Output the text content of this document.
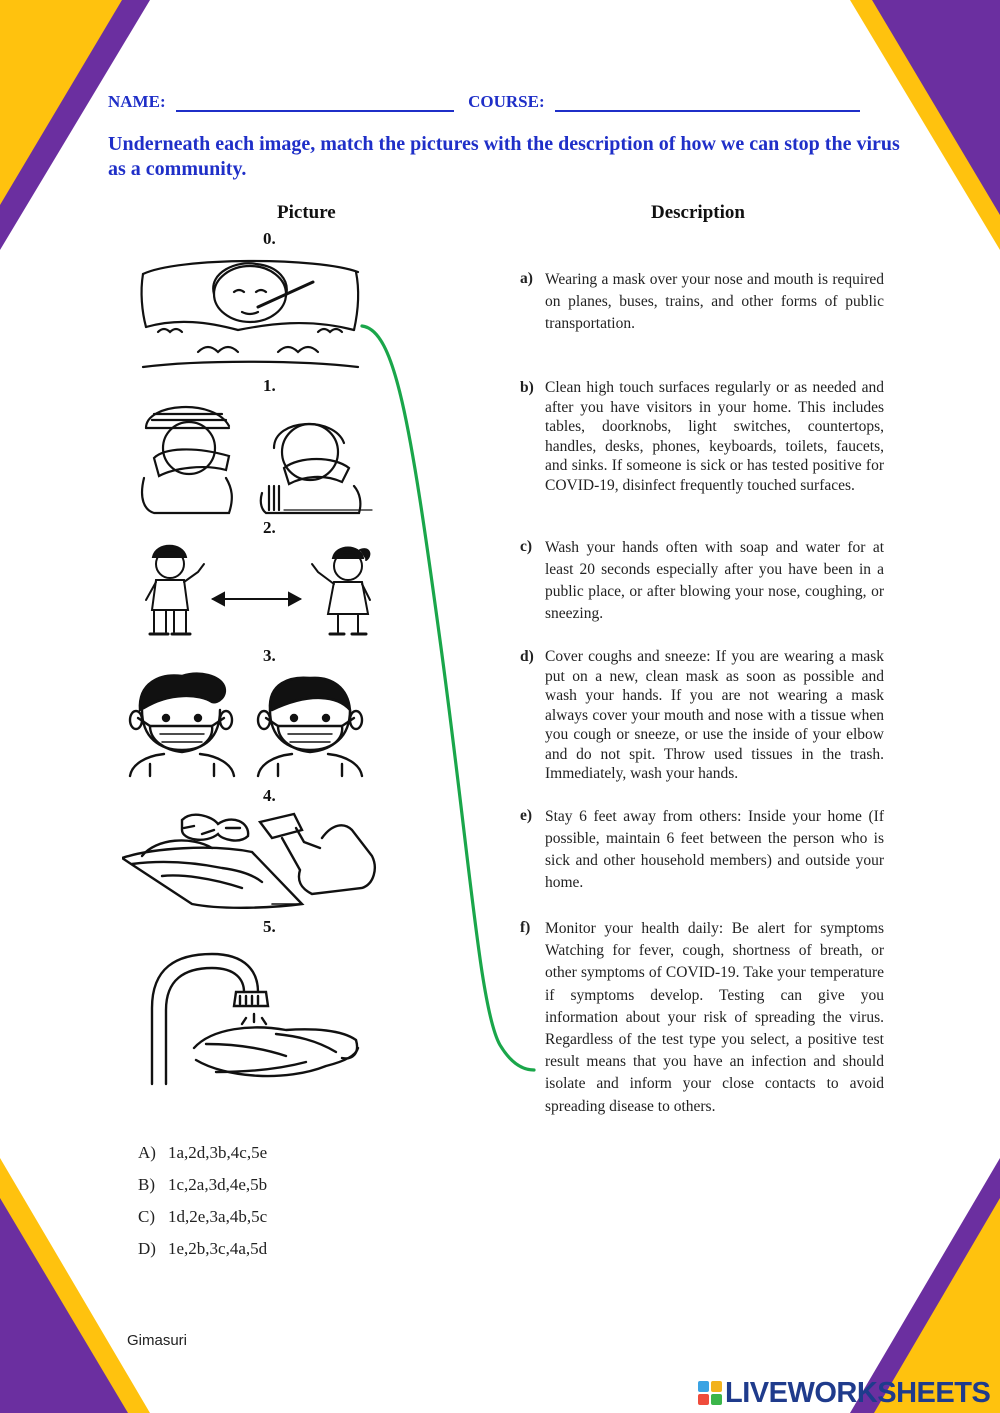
NAME:	COURSE:
Underneath each image, match the pictures with the description of how we can stop the virus as a community.
Picture	Description
0.
1.
2.
3.
4.
5.
a) Wearing a mask over your nose and mouth is required on planes, buses, trains, and other forms of public transportation.
b) Clean high touch surfaces regularly or as needed and after you have visitors in your home. This includes tables, doorknobs, light switches, countertops, handles, desks, phones, keyboards, toilets, faucets, and sinks. If someone is sick or has tested positive for COVID-19, disinfect frequently touched surfaces.
c) Wash your hands often with soap and water for at least 20 seconds especially after you have been in a public place, or after blowing your nose, coughing, or sneezing.
d) Cover coughs and sneeze: If you are wearing a mask put on a new, clean mask as soon as possible and wash your hands. If you are not wearing a mask always cover your mouth and nose with a tissue when you cough or sneeze, or use the inside of your elbow and do not spit. Throw used tissues in the trash. Immediately, wash your hands.
e) Stay 6 feet away from others: Inside your home (If possible, maintain 6 feet between the person who is sick and other household members) and outside your home.
f) Monitor your health daily: Be alert for symptoms Watching for fever, cough, shortness of breath, or other symptoms of COVID-19. Take your temperature if symptoms develop. Testing can give you information about your risk of spreading the virus. Regardless of the test type you select, a positive test result means that you have an infection and should isolate and inform your close contacts to avoid spreading disease to others.
A) 1a,2d,3b,4c,5e
B) 1c,2a,3d,4e,5b
C) 1d,2e,3a,4b,5c
D) 1e,2b,3c,4a,5d
Gimasuri
LIVEWORKSHEETS
